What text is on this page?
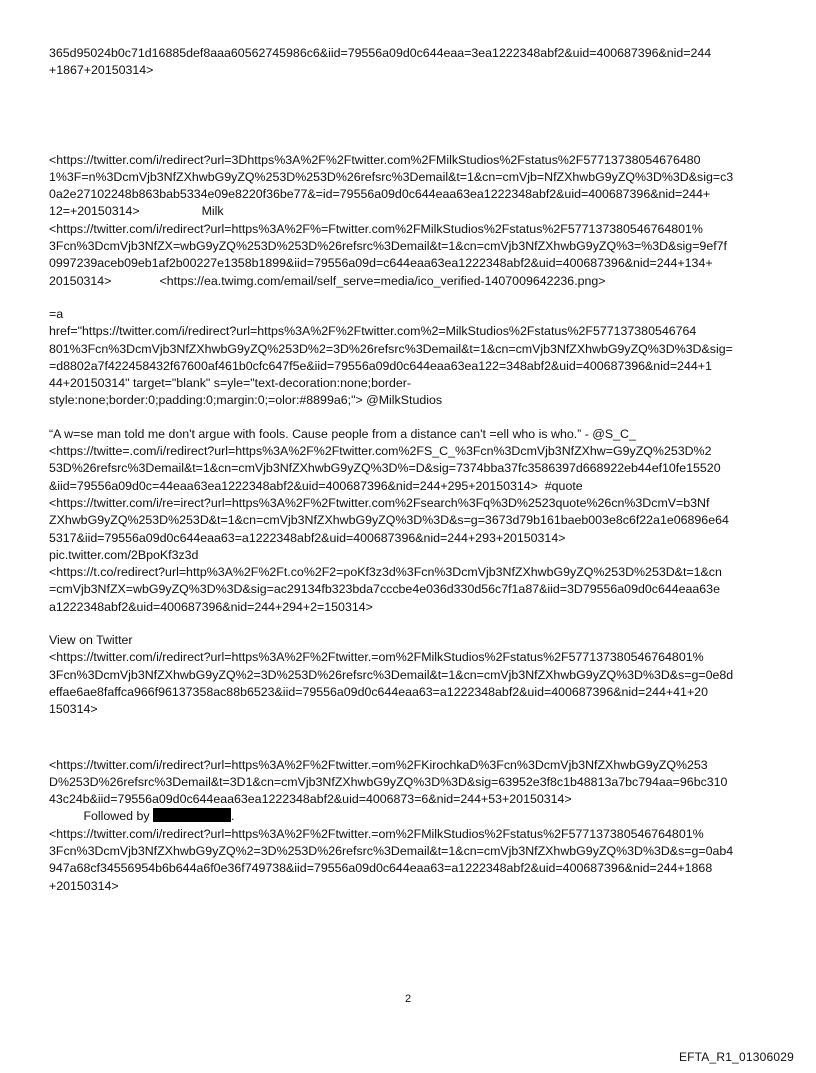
365d95024b0c71d16885def8aaa60562745986c6&iid=79556a09d0c644eaa=3ea1222348abf2&uid=400687396&nid=244
+1867+20150314>

<https://twitter.com/i/redirect?url=3Dhttps%3A%2F%2Ftwitter.com%2FMilkStudios%2Fstatus%2F57713738054676480
1%3F=n%3DcmVjb3NfZXhwbG9yZQ%253D%253D%26refsrc%3Demail&t=1&cn=cmVjb=NfZXhwbG9yZQ%3D%3D&sig=c3
0a2e27102248b863bab5334e09e8220f36be77&=id=79556a09d0c644eaa63ea1222348abf2&uid=400687396&nid=244+
12=+20150314>                  Milk
<https://twitter.com/i/redirect?url=https%3A%2F%=Ftwitter.com%2FMilkStudios%2Fstatus%2F577137380546764801%
3Fcn%3DcmVjb3NfZX=wbG9yZQ%253D%253D%26refsrc%3Demail&t=1&cn=cmVjb3NfZXhwbG9yZQ%3=%3D&sig=9ef7f
0997239aceb09eb1af2b00227e1358b1899&iid=79556a09d=c644eaa63ea1222348abf2&uid=400687396&nid=244+134+
20150314>              <https://ea.twimg.com/email/self_serve=media/ico_verified-1407009642236.png>

=a
href="https://twitter.com/i/redirect?url=https%3A%2F%2Ftwitter.com%2=MilkStudios%2Fstatus%2F577137380546764
801%3Fcn%3DcmVjb3NfZXhwbG9yZQ%253D%2=3D%26refsrc%3Demail&t=1&cn=cmVjb3NfZXhwbG9yZQ%3D%3D&sig=
=d8802a7f422458432f67600af461b0cfc647f5e&iid=79556a09d0c644eaa63ea122=348abf2&uid=400687396&nid=244+1
44+20150314" target="blank" s=yle="text-decoration:none;border-
style:none;border:0;padding:0;margin:0;=olor:#8899a6;"> @MilkStudios

“A w=se man told me don't argue with fools. Cause people from a distance can't =ell who is who.” - @S_C_
<https://twitte=.com/i/redirect?url=https%3A%2F%2Ftwitter.com%2FS_C_%3Fcn%3DcmVjb3NfZXhw=G9yZQ%253D%2
53D%26refsrc%3Demail&t=1&cn=cmVjb3NfZXhwbG9yZQ%3D%=D&sig=7374bba37fc3586397d668922eb44ef10fe15520
&iid=79556a09d0c=44eaa63ea1222348abf2&uid=400687396&nid=244+295+20150314>  #quote
<https://twitter.com/i/re=irect?url=https%3A%2F%2Ftwitter.com%2Fsearch%3Fq%3D%2523quote%26cn%3DcmV=b3Nf
ZXhwbG9yZQ%253D%253D&t=1&cn=cmVjb3NfZXhwbG9yZQ%3D%3D&s=g=3673d79b161baeb003e8c6f22a1e06896e64
5317&iid=79556a09d0c644eaa63=a1222348abf2&uid=400687396&nid=244+293+20150314>
pic.twitter.com/2BpoKf3z3d
<https://t.co/redirect?url=http%3A%2F%2Ft.co%2F2=poKf3z3d%3Fcn%3DcmVjb3NfZXhwbG9yZQ%253D%253D&t=1&cn
=cmVjb3NfZX=wbG9yZQ%3D%3D&sig=ac29134fb323bda7cccbe4e036d330d56c7f1a87&iid=3D79556a09d0c644eaa63e
a1222348abf2&uid=400687396&nid=244+294+2=150314>

View on Twitter
<https://twitter.com/i/redirect?url=https%3A%2F%2Ftwitter.=om%2FMilkStudios%2Fstatus%2F577137380546764801%
3Fcn%3DcmVjb3NfZXhwbG9yZQ%2=3D%253D%26refsrc%3Demail&t=1&cn=cmVjb3NfZXhwbG9yZQ%3D%3D&s=g=0e8d
effae6ae8faffca966f96137358ac88b6523&iid=79556a09d0c644eaa63=a1222348abf2&uid=400687396&nid=244+41+20
150314>

<https://twitter.com/i/redirect?url=https%3A%2F%2Ftwitter.=om%2FKirochkaD%3Fcn%3DcmVjb3NfZXhwbG9yZQ%253
D%253D%26refsrc%3Demail&t=3D1&cn=cmVjb3NfZXhwbG9yZQ%3D%3D&sig=63952e3f8c1b48813a7bc794aa=96bc310
43c24b&iid=79556a09d0c644eaa63ea1222348abf2&uid=4006873=6&nid=244+53+20150314>
Followed by	.

<https://twitter.com/i/redirect?url=https%3A%2F%2Ftwitter.=om%2FMilkStudios%2Fstatus%2F577137380546764801%
3Fcn%3DcmVjb3NfZXhwbG9yZQ%2=3D%253D%26refsrc%3Demail&t=1&cn=cmVjb3NfZXhwbG9yZQ%3D%3D&s=g=0ab4
947a68cf34556954b6b644a6f0e36f749738&iid=79556a09d0c644eaa63=a1222348abf2&uid=400687396&nid=244+1868
+20150314>

2
EFTA_R1_01306029
